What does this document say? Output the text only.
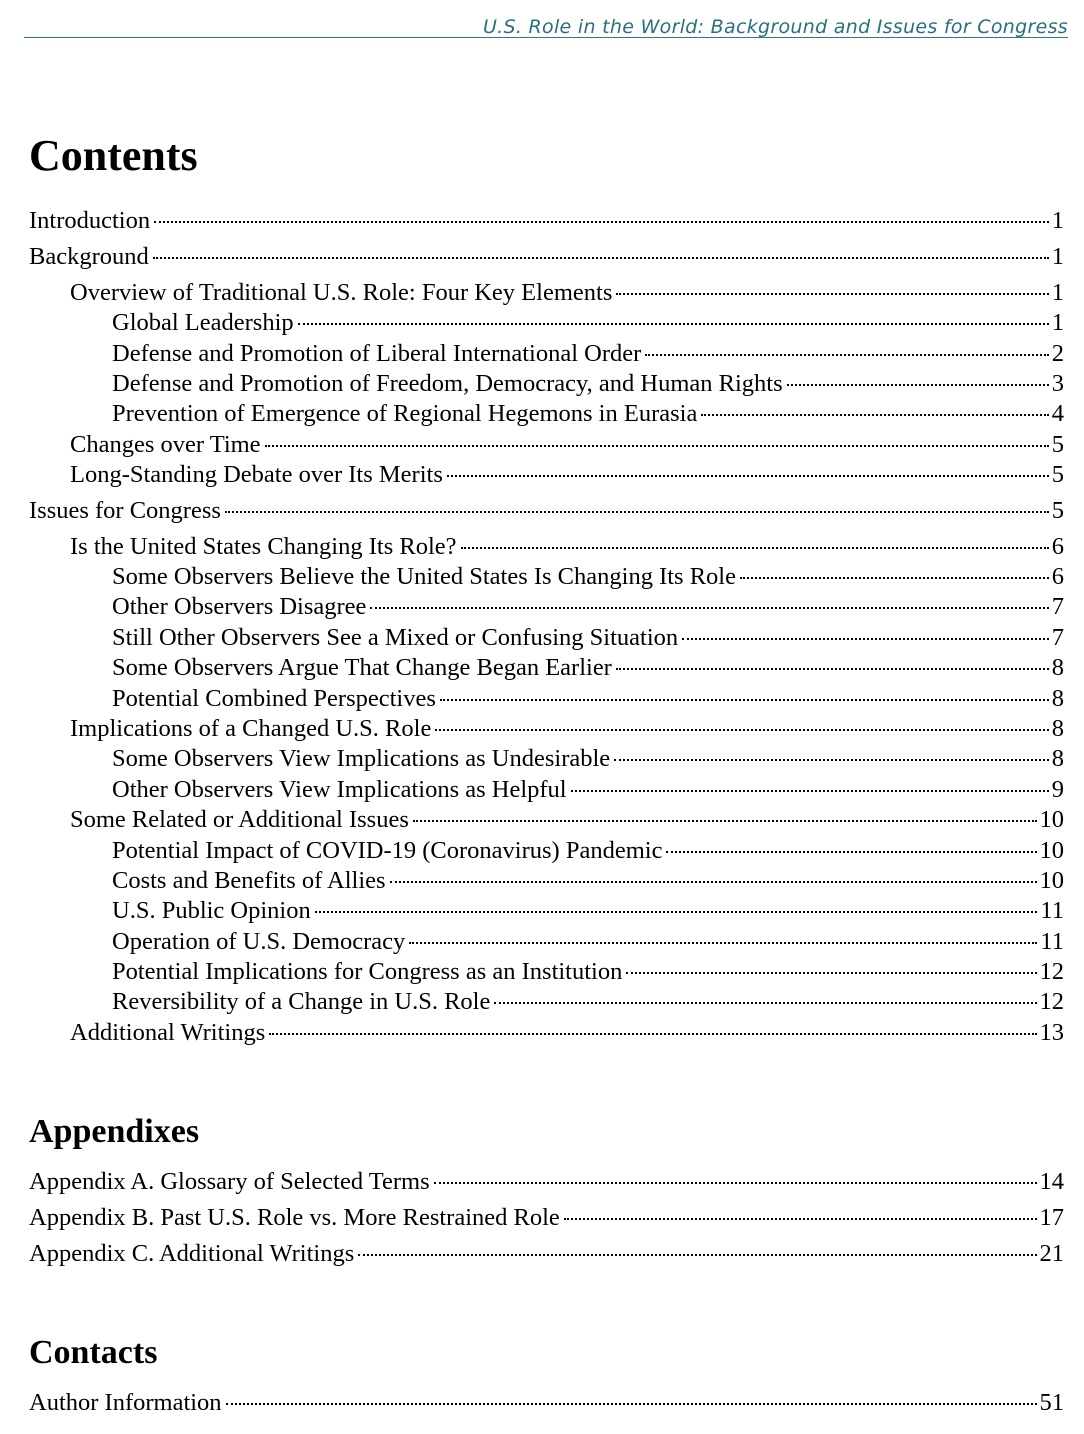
U.S. Role in the World: Background and Issues for Congress
Contents
Introduction	1
Background	1
Overview of Traditional U.S. Role: Four Key Elements	1
Global Leadership	1
Defense and Promotion of Liberal International Order	2
Defense and Promotion of Freedom, Democracy, and Human Rights	3
Prevention of Emergence of Regional Hegemons in Eurasia	4
Changes over Time	5
Long-Standing Debate over Its Merits	5
Issues for Congress	5
Is the United States Changing Its Role?	6
Some Observers Believe the United States Is Changing Its Role	6
Other Observers Disagree	7
Still Other Observers See a Mixed or Confusing Situation	7
Some Observers Argue That Change Began Earlier	8
Potential Combined Perspectives	8
Implications of a Changed U.S. Role	8
Some Observers View Implications as Undesirable	8
Other Observers View Implications as Helpful	9
Some Related or Additional Issues	10
Potential Impact of COVID-19 (Coronavirus) Pandemic	10
Costs and Benefits of Allies	10
U.S. Public Opinion	11
Operation of U.S. Democracy	11
Potential Implications for Congress as an Institution	12
Reversibility of a Change in U.S. Role	12
Additional Writings	13
Appendixes
Appendix A. Glossary of Selected Terms	14
Appendix B. Past U.S. Role vs. More Restrained Role	17
Appendix C. Additional Writings	21
Contacts
Author Information	51
